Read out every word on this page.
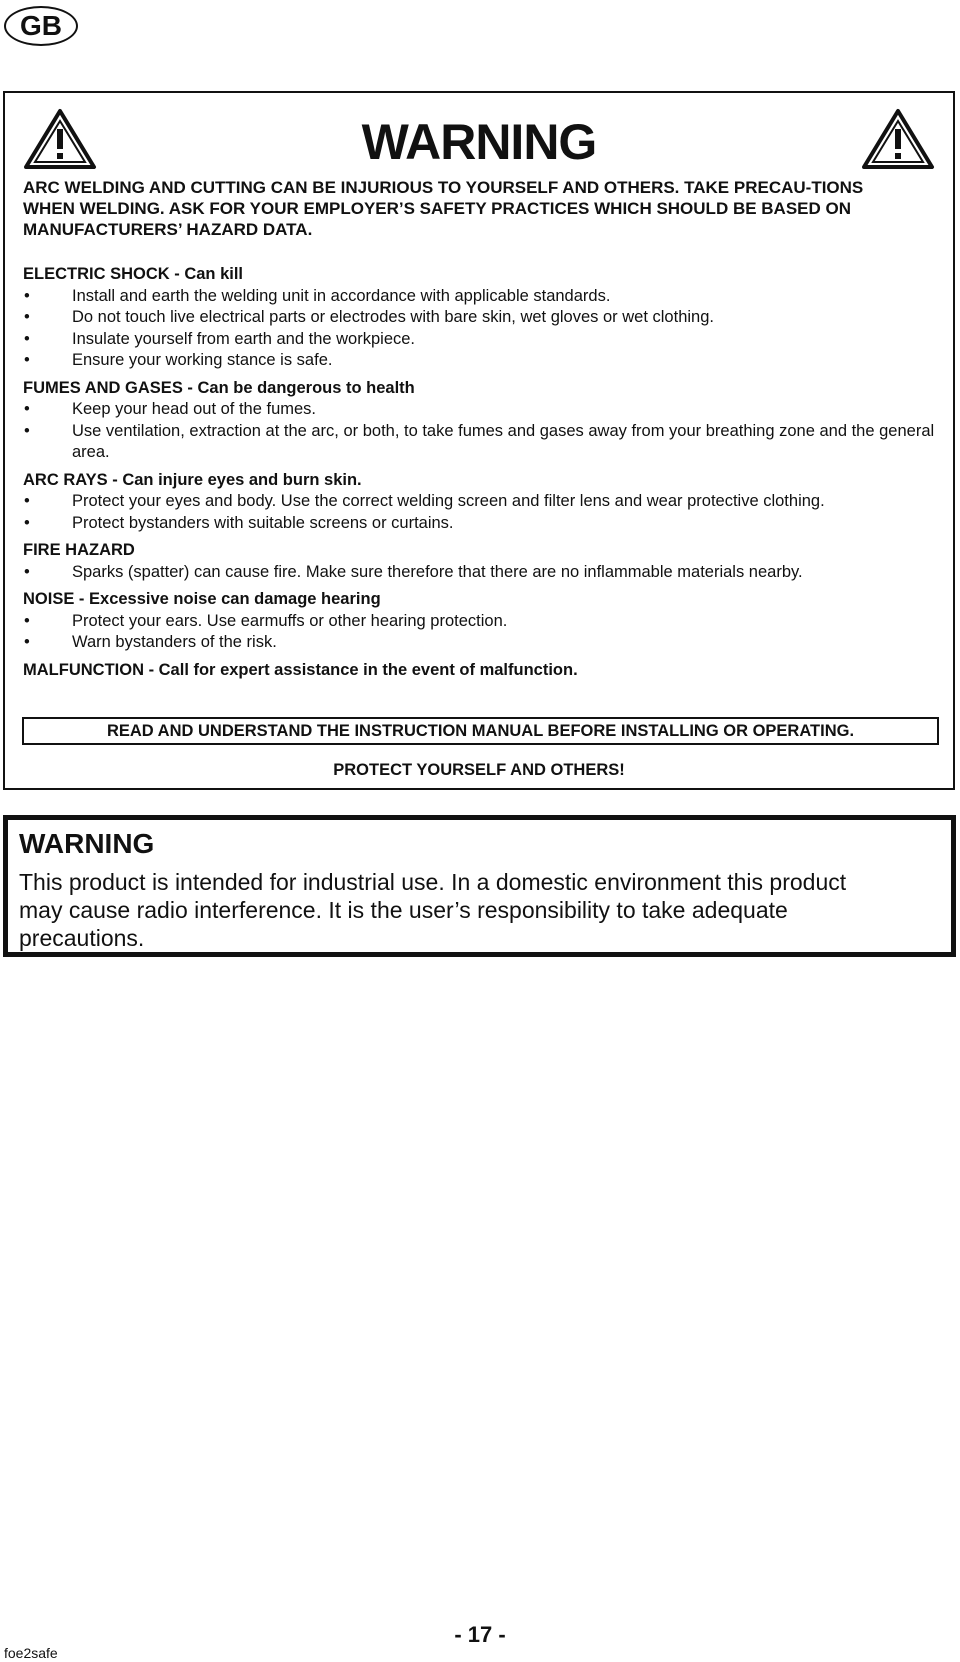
GB
WARNING
ARC WELDING AND CUTTING CAN BE INJURIOUS TO YOURSELF AND OTHERS. TAKE PRECAU-TIONS WHEN WELDING. ASK FOR YOUR EMPLOYER’S SAFETY PRACTICES WHICH SHOULD BE BASED ON MANUFACTURERS’ HAZARD DATA.
ELECTRIC SHOCK - Can kill
•	Install and earth the welding unit in accordance with applicable standards.
•	Do not touch live electrical parts or electrodes with bare skin, wet gloves or wet clothing.
•	Insulate yourself from earth and the workpiece.
•	Ensure your working stance is safe.
FUMES AND GASES - Can be dangerous to health
•	Keep your head out of the fumes.
•	Use ventilation, extraction at the arc, or both, to take fumes and gases away from your breathing zone and the general area.
ARC RAYS - Can injure eyes and burn skin.
•	Protect your eyes and body. Use the correct welding screen and filter lens and wear protective clothing.
•	Protect bystanders with suitable screens or curtains.
FIRE HAZARD
•	Sparks (spatter) can cause fire. Make sure therefore that there are no inflammable materials nearby.
NOISE - Excessive noise can damage hearing
•	Protect your ears. Use earmuffs or other hearing protection.
•	Warn bystanders of the risk.
MALFUNCTION - Call for expert assistance in the event of malfunction.
READ AND UNDERSTAND THE INSTRUCTION MANUAL BEFORE INSTALLING OR OPERATING.
PROTECT YOURSELF AND OTHERS!
WARNING
This product is intended for industrial use. In a domestic environment this product may cause radio interference. It is the user’s responsibility to take adequate precautions.
- 17 -
foe2safe
